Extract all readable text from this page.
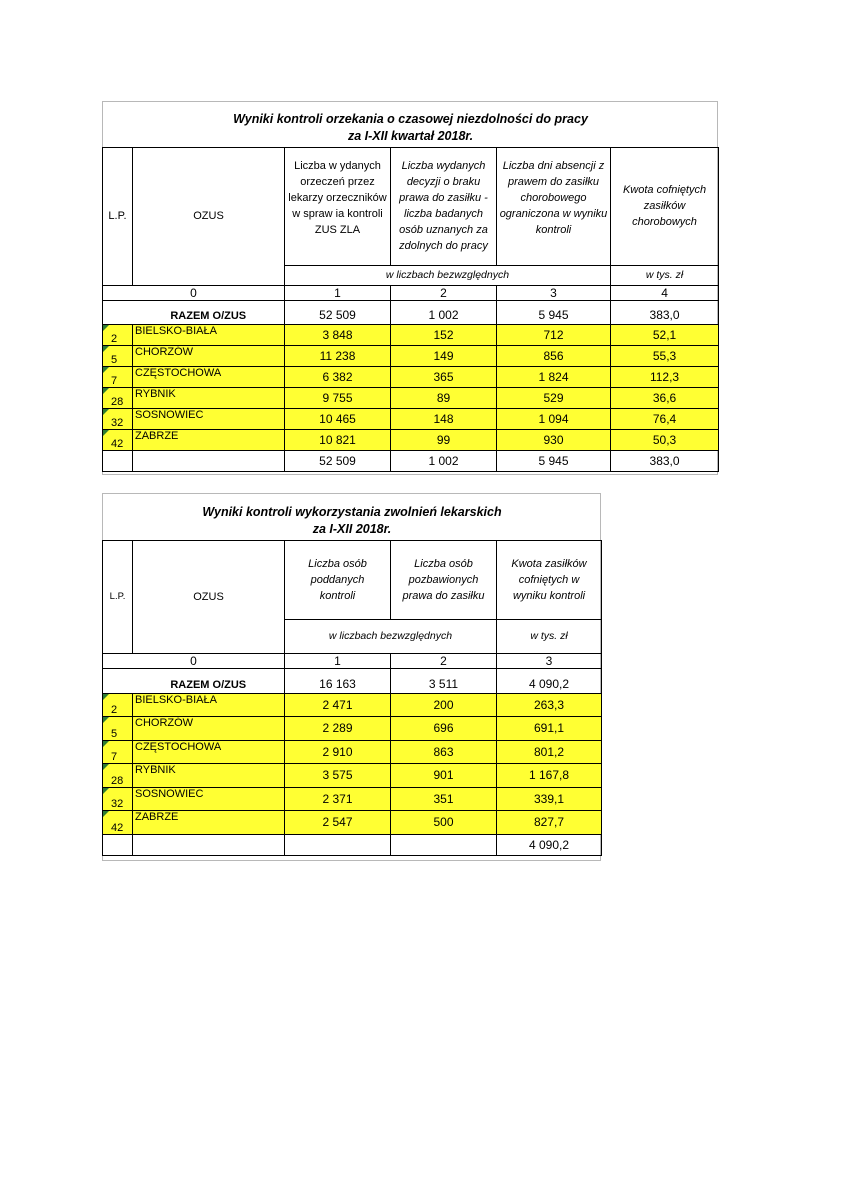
Wyniki kontroli orzekania o czasowej niezdolności do pracy
za I-XII kwartał 2018r.					

L.P.	OZUS	Liczba w ydanych orzeczeń przez lekarzy orzeczników w spraw ia kontroli ZUS ZLA	Liczba wydanych decyzji o braku prawa do zasiłku - liczba badanych osób uznanych za zdolnych do pracy	Liczba dni absencji z prawem do zasiłku chorobowego ograniczona w wyniku kontroli	Kwota cofniętych zasiłków chorobowych
		w liczbach bezwzględnych			w tys. zł
0		1	2	3	4
	RAZEM O/ZUS	52 509	1 002	5 945	383,0

2	BIELSKO-BIAŁA	3 848	152	712	52,1

5	CHORZÓW	11 238	149	856	55,3

7	CZĘSTOCHOWA	6 382	365	1 824	112,3

28	RYBNIK	9 755	89	529	36,6

32	SOSNOWIEC	10 465	148	1 094	76,4

42	ZABRZE	10 821	99	930	50,3
		52 509	1 002	5 945	383,0
Wyniki kontroli wykorzystania zwolnień lekarskich
za I-XII 2018r.				

L.P.	OZUS	Liczba osób poddanych kontroli	Liczba osób pozbawionych prawa do zasiłku	Kwota zasiłków cofniętych w wyniku kontroli
		w liczbach bezwzględnych		w tys. zł
0		1	2	3
	RAZEM O/ZUS	16 163	3 511	4 090,2

2	BIELSKO-BIAŁA	2 471	200	263,3

5	CHORZÓW	2 289	696	691,1

7	CZĘSTOCHOWA	2 910	863	801,2

28	RYBNIK	3 575	901	1 167,8

32	SOSNOWIEC	2 371	351	339,1

42	ZABRZE	2 547	500	827,7
				4 090,2
